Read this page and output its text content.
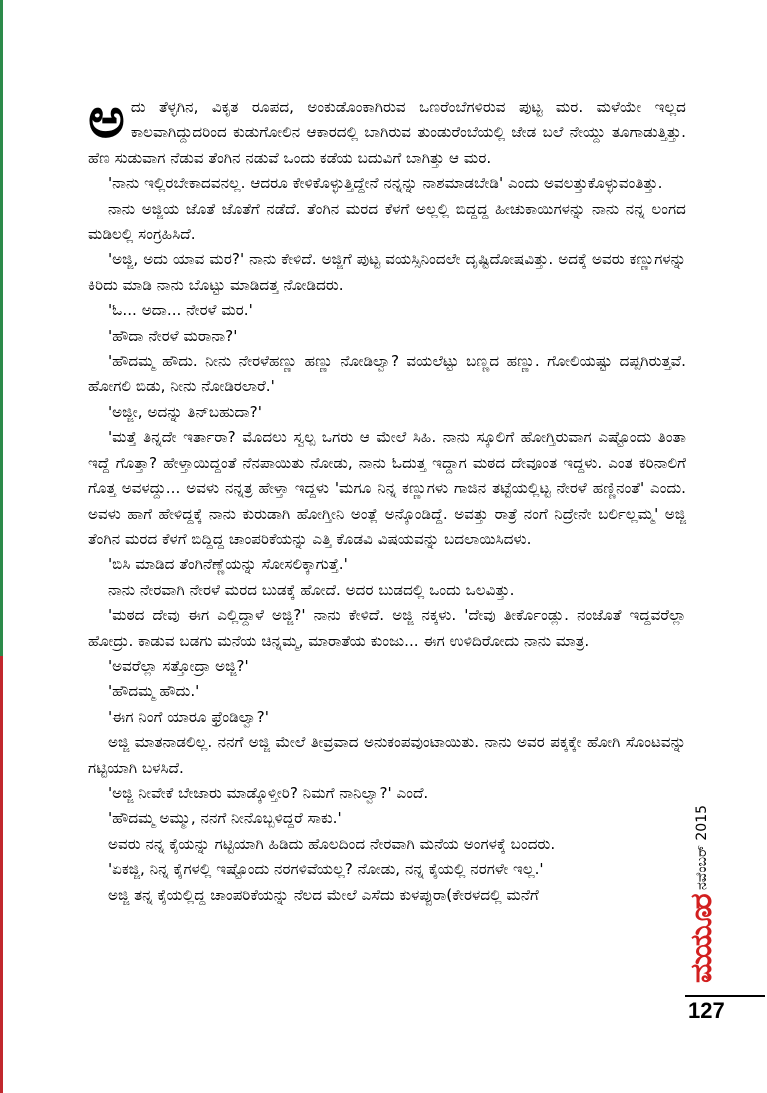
ಅದು ತೆಳ್ಳಗಿನ, ವಿಕೃತ ರೂಪದ, ಅಂಕುಡೊಂಕಾಗಿರುವ ಒಣರೆಂಬೆಗಳಿರುವ ಪುಟ್ಟ ಮರ. ಮಳೆಯೇ ಇಲ್ಲದ ಕಾಲವಾಗಿದ್ದುದರಿಂದ ಕುಡುಗೋಲಿನ ಆಕಾರದಲ್ಲಿ ಬಾಗಿರುವ ತುಂಡುರೆಂಬೆಯಲ್ಲಿ ಜೇಡ ಬಲೆ ನೇಯ್ದು ತೂಗಾಡುತ್ತಿತ್ತು. ಹೆಣ ಸುಡುವಾಗ ನೆಡುವ ತೆಂಗಿನ ನಡುವೆ ಒಂದು ಕಡೆಯ ಬದುವಿಗೆ ಬಾಗಿತ್ತು ಆ ಮರ.

'ನಾನು ಇಲ್ಲಿರಬೇಕಾದವನಲ್ಲ. ಆದರೂ ಕೇಳಿಕೊಳ್ಳುತ್ತಿದ್ದೇನೆ ನನ್ನನ್ನು ನಾಶಮಾಡಬೇಡಿ' ಎಂದು ಅವಲತ್ತುಕೊಳ್ಳುವಂತಿತ್ತು.

ನಾನು ಅಜ್ಜಿಯ ಜೊತೆ ಜೊತೆಗೆ ನಡೆದೆ. ತೆಂಗಿನ ಮರದ ಕೆಳಗೆ ಅಲ್ಲಲ್ಲಿ ಬಿದ್ದದ್ದ ಹೀಚುಕಾಯಿಗಳನ್ನು ನಾನು ನನ್ನ ಲಂಗದ ಮಡಿಲಲ್ಲಿ ಸಂಗ್ರಹಿಸಿದೆ.

'ಅಜ್ಜಿ, ಅದು ಯಾವ ಮರ?' ನಾನು ಕೇಳಿದೆ. ಅಜ್ಜಿಗೆ ಪುಟ್ಟ ವಯಸ್ಸಿನಿಂದಲೇ ದೃಷ್ಟಿದೋಷವಿತ್ತು. ಅದಕ್ಕೆ ಅವರು ಕಣ್ಣುಗಳನ್ನು ಕಿರಿದು ಮಾಡಿ ನಾನು ಬೊಟ್ಟು ಮಾಡಿದತ್ತ ನೋಡಿದರು.

'ಓ... ಅದಾ... ನೇರಳೆ ಮರ.'

'ಹೌದಾ ನೇರಳೆ ಮರಾನಾ?'

'ಹೌದಮ್ಮ ಹೌದು. ನೀನು ನೇರಳೆಹಣ್ಣು ಹಣ್ಣು ನೋಡಿಲ್ವಾ? ವಯಲೆಟ್ಟು ಬಣ್ಣದ ಹಣ್ಣು. ಗೋಲಿಯಷ್ಟು ದಪ್ಪಗಿರುತ್ತವೆ. ಹೋಗಲಿ ಬಿಡು, ನೀನು ನೋಡಿರಲಾರೆ.'

'ಅಜ್ಜೀ, ಅದನ್ನು ತಿನ್‌ಬಹುದಾ?'

'ಮತ್ತೆ ತಿನ್ನದೇ ಇರ್ತಾರಾ? ಮೊದಲು ಸ್ವಲ್ಪ ಒಗರು ಆ ಮೇಲೆ ಸಿಹಿ. ನಾನು ಸ್ಕೂಲಿಗೆ ಹೋಗ್ತಿರುವಾಗ ಎಷ್ಟೊಂದು ತಿಂತಾ ಇದ್ದೆ ಗೊತ್ತಾ? ಹೇಳ್ತಾಯಿದ್ದಂತೆ ನೆನಪಾಯಿತು ನೋಡು, ನಾನು ಓದುತ್ತ ಇದ್ದಾಗ ಮಠದ ದೇವೂಂತ ಇದ್ದಳು. ಎಂತ ಕರಿನಾಲಿಗೆ ಗೊತ್ತ ಅವಳದ್ದು... ಅವಳು ನನ್ನತ್ರ ಹೇಳ್ತಾ ಇದ್ದಳು 'ಮಗೂ ನಿನ್ನ ಕಣ್ಣುಗಳು ಗಾಜಿನ ತಟ್ಟೆಯಲ್ಲಿಟ್ಟ ನೇರಳೆ ಹಣ್ಣಿನಂತೆ' ಎಂದು. ಅವಳು ಹಾಗೆ ಹೇಳಿದ್ದಕ್ಕೆ ನಾನು ಕುರುಡಾಗಿ ಹೋಗ್ತೀನಿ ಅಂತ್ಲೆ ಅನ್ಕೊಂಡಿದ್ದೆ. ಅವತ್ತು ರಾತ್ರೆ ನಂಗೆ ನಿದ್ರೇನೇ ಬರ್ಲಿಲ್ಲಮ್ಮ' ಅಜ್ಜಿ ತೆಂಗಿನ ಮರದ ಕೆಳಗೆ ಬಿದ್ದಿದ್ದ ಚಾಂಪರಿಕೆಯನ್ನು ಎತ್ತಿ ಕೊಡವಿ ವಿಷಯವನ್ನು ಬದಲಾಯಿಸಿದಳು.

'ಬಿಸಿ ಮಾಡಿದ ತೆಂಗಿನೆಣ್ಣೆಯನ್ನು ಸೋಸಲಿಕ್ಕಾಗುತ್ತೆ.'

ನಾನು ನೇರವಾಗಿ ನೇರಳೆ ಮರದ ಬುಡಕ್ಕೆ ಹೋದೆ. ಅದರ ಬುಡದಲ್ಲಿ ಒಂದು ಒಲವಿತ್ತು.

'ಮಠದ ದೇವು ಈಗ ಎಲ್ಲಿದ್ದಾಳೆ ಅಜ್ಜಿ?' ನಾನು ಕೇಳಿದೆ. ಅಜ್ಜಿ ನಕ್ಕಳು. 'ದೇವು ತೀರ್ಕೊಂಡ್ಲು. ನಂಜೊತೆ ಇದ್ದವರೆಲ್ಲಾ ಹೋದ್ರು. ಕಾಡುವ ಬಡಗು ಮನೆಯ ಚಿನ್ನಮ್ಮ, ಮಾರಾತೆಯ ಕುಂಜು... ಈಗ ಉಳಿದಿರೋದು ನಾನು ಮಾತ್ರ.

'ಅವರೆಲ್ಲಾ ಸತ್ತೋದ್ರಾ ಅಜ್ಜಿ?'

'ಹೌದಮ್ಮ ಹೌದು.'

'ಈಗ ನಿಂಗೆ ಯಾರೂ ಫ್ರೆಂಡಿಲ್ವಾ?'

ಅಜ್ಜಿ ಮಾತನಾಡಲಿಲ್ಲ. ನನಗೆ ಅಜ್ಜಿ ಮೇಲೆ ತೀವ್ರವಾದ ಅನುಕಂಪವುಂಟಾಯಿತು. ನಾನು ಅವರ ಪಕ್ಕಕ್ಕೇ ಹೋಗಿ ಸೊಂಟವನ್ನು ಗಟ್ಟಿಯಾಗಿ ಬಳಸಿದೆ.

'ಅಜ್ಜಿ ನೀವೇಕೆ ಬೇಜಾರು ಮಾಡ್ಕೊಳ್ತೀರಿ? ನಿಮಗೆ ನಾನಿಲ್ವಾ?' ಎಂದೆ.

'ಹೌದಮ್ಮ ಅಮ್ಮು, ನನಗೆ ನೀನೊಬ್ಬಳಿದ್ದರೆ ಸಾಕು.'

ಅವರು ನನ್ನ ಕೈಯನ್ನು ಗಟ್ಟಿಯಾಗಿ ಹಿಡಿದು ಹೊಲದಿಂದ ನೇರವಾಗಿ ಮನೆಯ ಅಂಗಳಕ್ಕೆ ಬಂದರು.

'ಏಕಜ್ಜಿ, ನಿನ್ನ ಕೈಗಳಲ್ಲಿ ಇಷ್ಟೊಂದು ನರಗಳಿವೆಯಲ್ಲ? ನೋಡು, ನನ್ನ ಕೈಯಲ್ಲಿ ನರಗಳೇ ಇಲ್ಲ.'

ಅಜ್ಜಿ ತನ್ನ ಕೈಯಲ್ಲಿದ್ದ ಚಾಂಪರಿಕೆಯನ್ನು ನೆಲದ ಮೇಲೆ ಎಸೆದು ಕುಳಪ್ಪುರಾ(ಕೇರಳದಲ್ಲಿ ಮನೆಗೆ

ನವೆಂಬರ್ 2015
ಮಯೂರ
127
